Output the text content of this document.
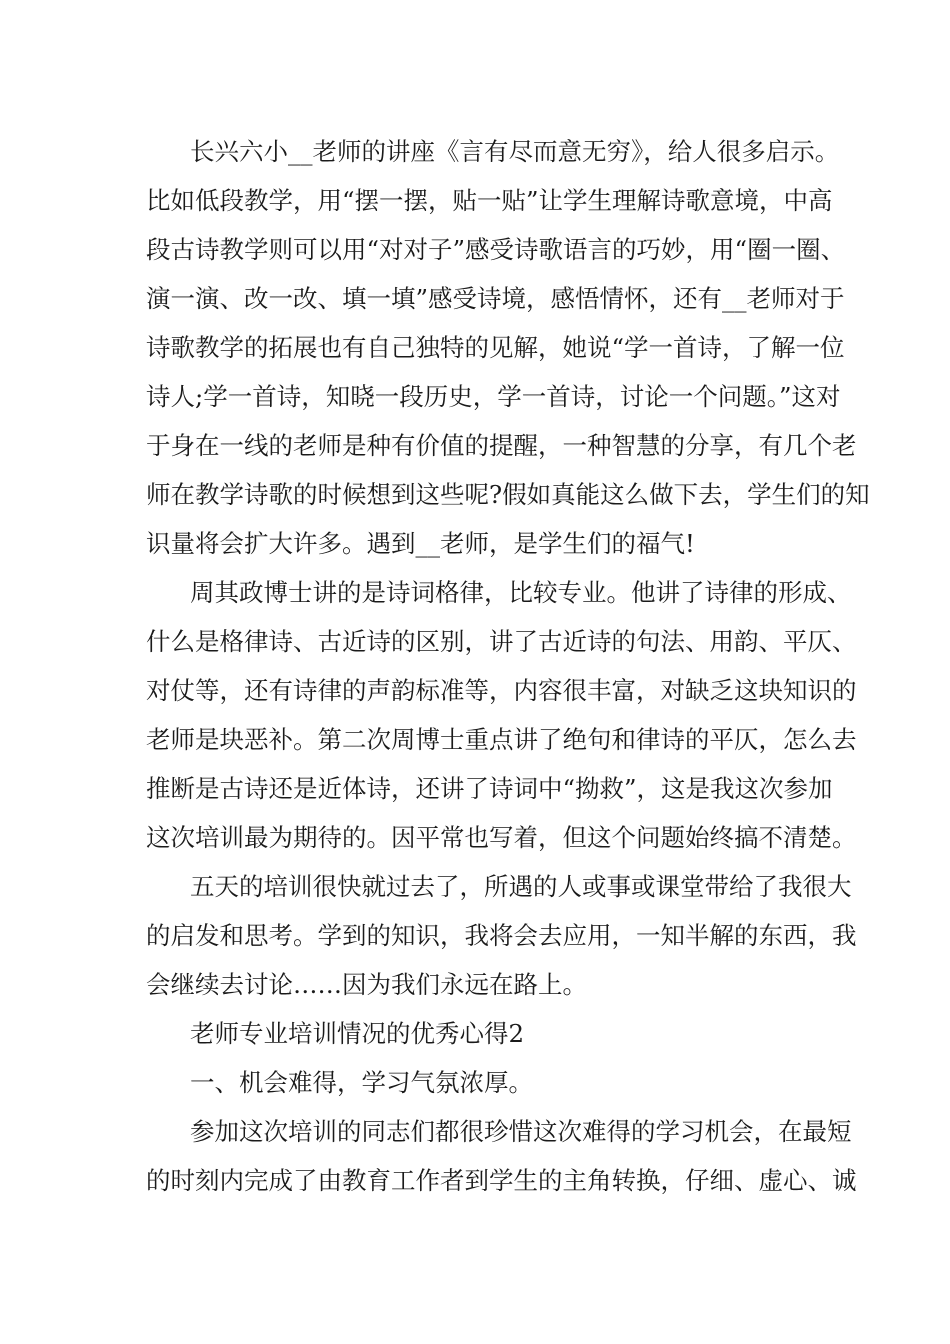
长兴六小__老师的讲座《言有尽而意无穷》，给人很多启示。
比如低段教学，用“摆一摆，贴一贴”让学生理解诗歌意境，中高
段古诗教学则可以用“对对子”感受诗歌语言的巧妙，用“圈一圈、
演一演、改一改、填一填”感受诗境，感悟情怀，还有__老师对于
诗歌教学的拓展也有自己独特的见解，她说“学一首诗，了解一位
诗人;学一首诗，知晓一段历史，学一首诗，讨论一个问题。”这对
于身在一线的老师是种有价值的提醒，一种智慧的分享，有几个老
师在教学诗歌的时候想到这些呢?假如真能这么做下去，学生们的知
识量将会扩大许多。遇到__老师，是学生们的福气!
周其政博士讲的是诗词格律，比较专业。他讲了诗律的形成、
什么是格律诗、古近诗的区别，讲了古近诗的句法、用韵、平仄、
对仗等，还有诗律的声韵标准等，内容很丰富，对缺乏这块知识的
老师是块恶补。第二次周博士重点讲了绝句和律诗的平仄，怎么去
推断是古诗还是近体诗，还讲了诗词中“拗救”，这是我这次参加
这次培训最为期待的。因平常也写着，但这个问题始终搞不清楚。
五天的培训很快就过去了，所遇的人或事或课堂带给了我很大
的启发和思考。学到的知识，我将会去应用，一知半解的东西，我
会继续去讨论……因为我们永远在路上。
老师专业培训情况的优秀心得2
一、机会难得，学习气氛浓厚。
参加这次培训的同志们都很珍惜这次难得的学习机会，在最短
的时刻内完成了由教育工作者到学生的主角转换，仔细、虚心、诚
